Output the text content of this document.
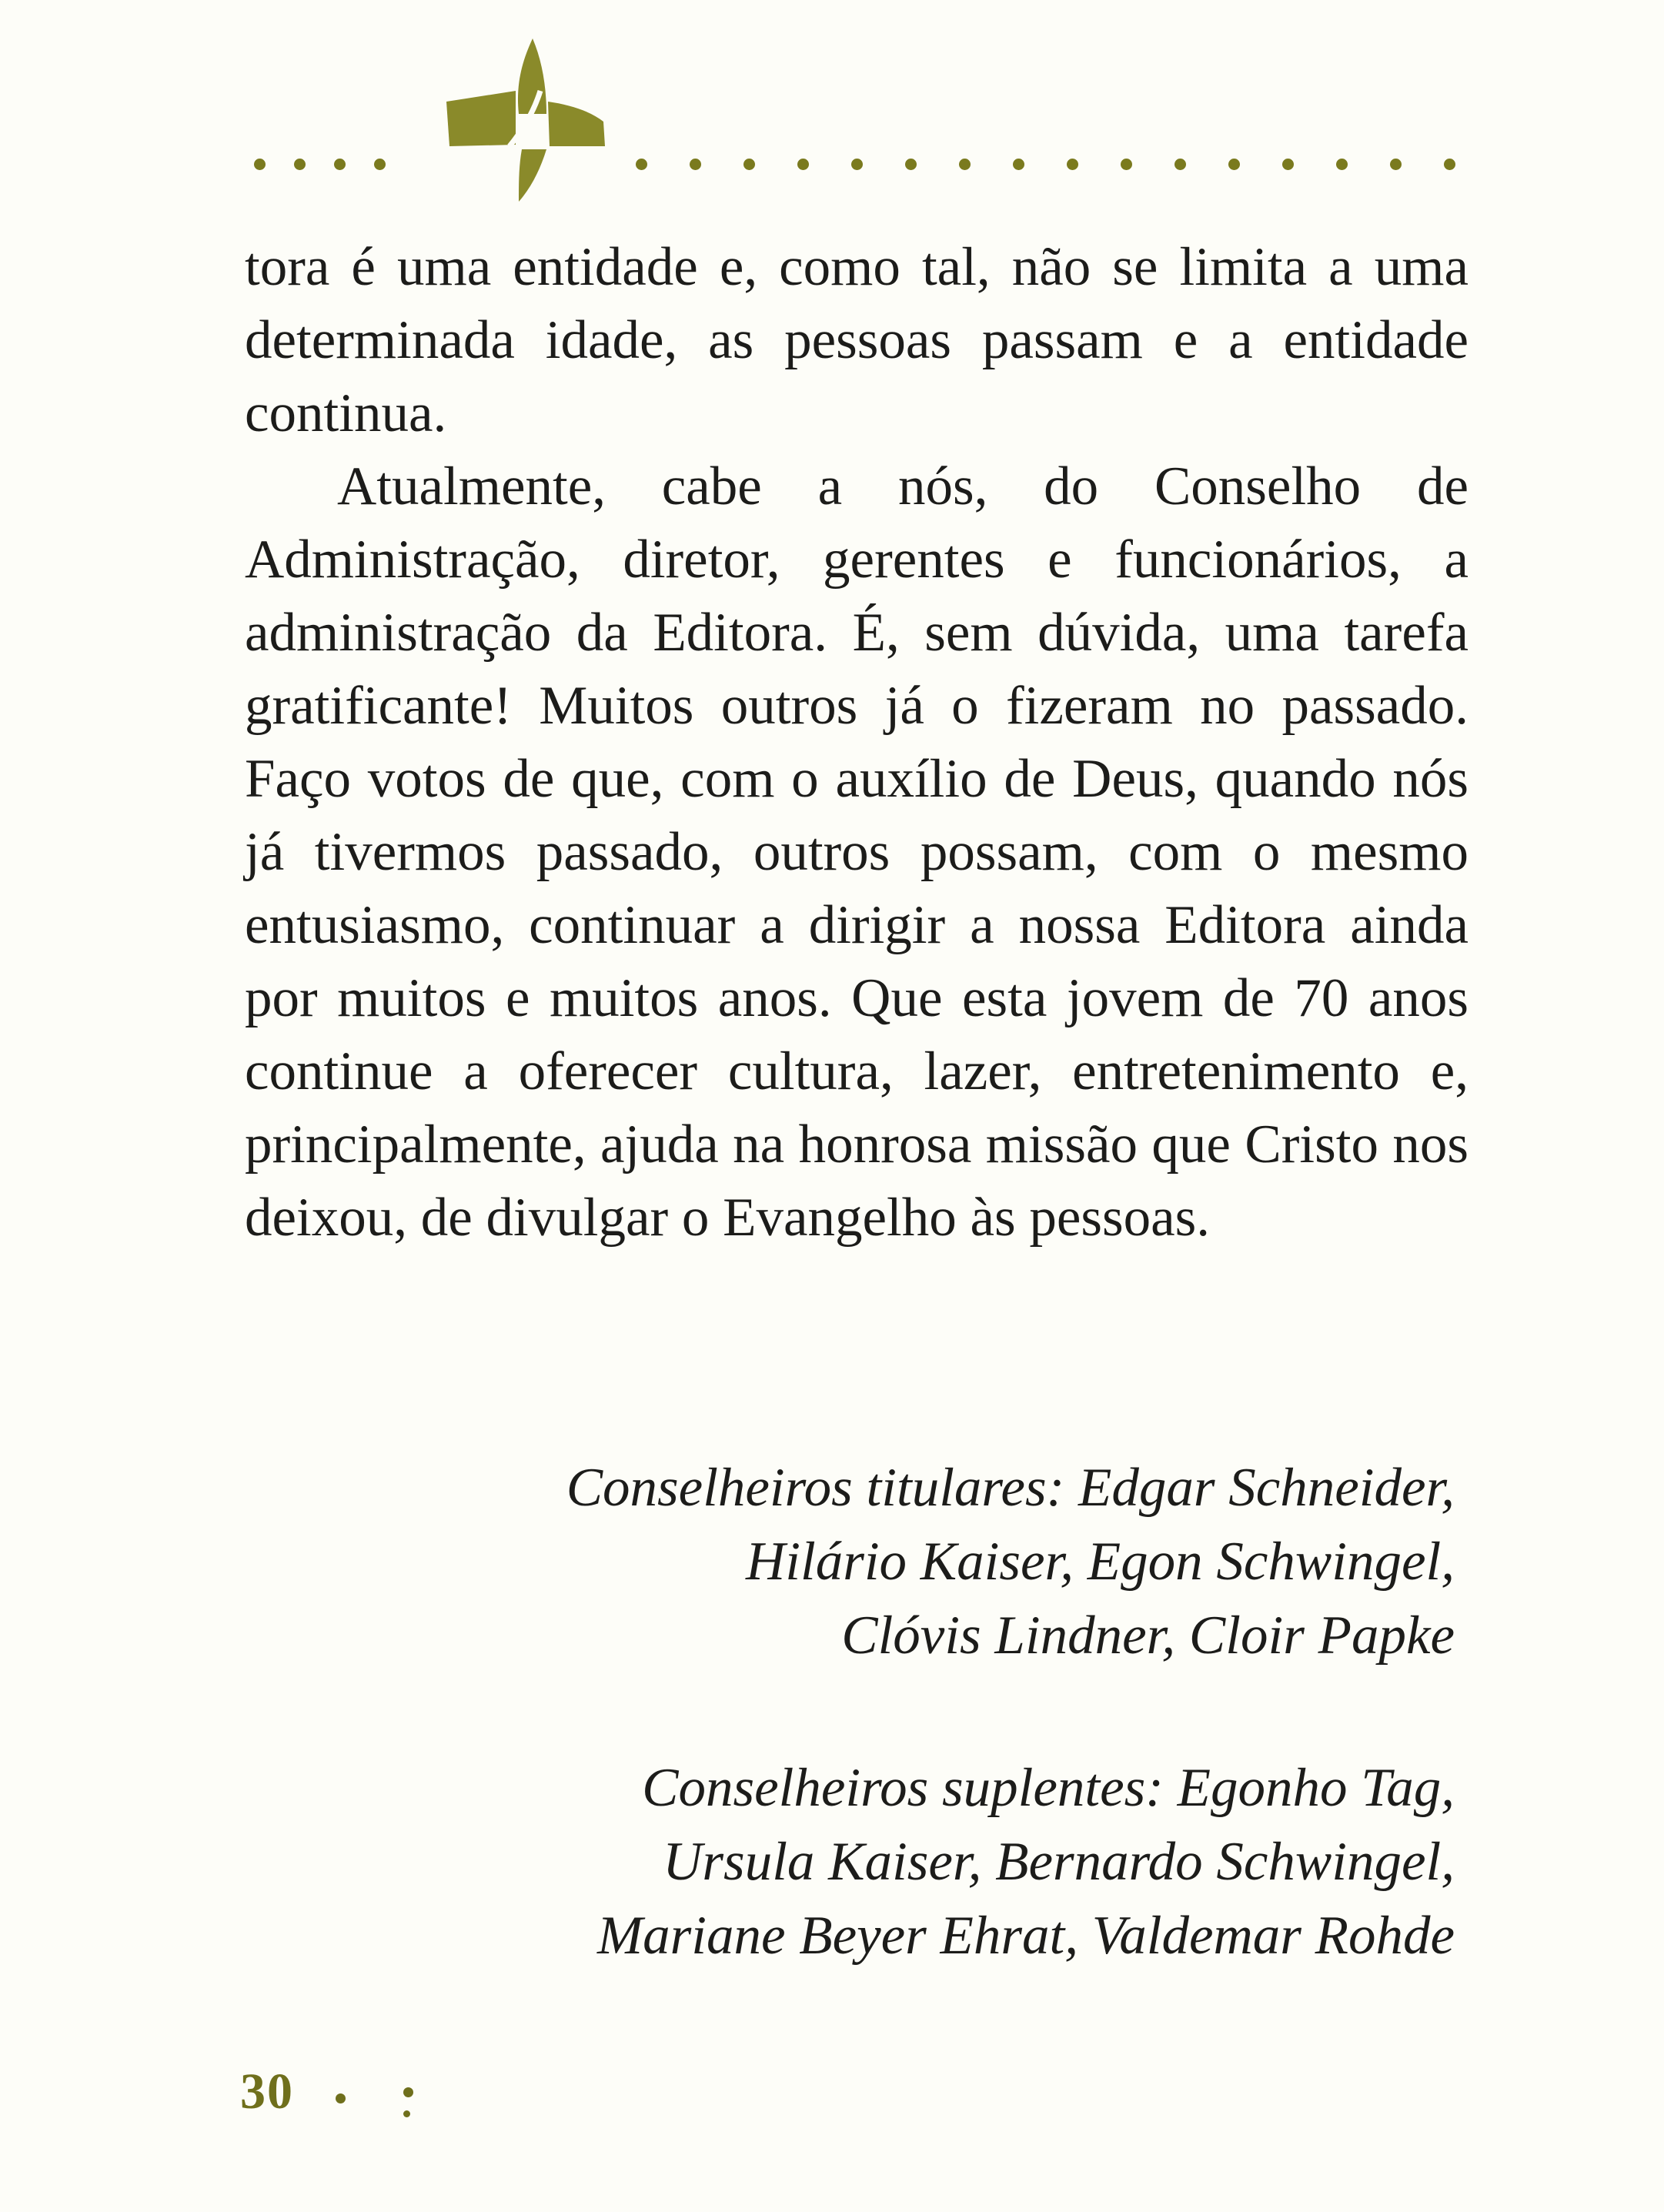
tora é uma entidade e, como tal, não se limita a uma determinada idade, as pessoas passam e a entidade continua.

Atualmente, cabe a nós, do Conselho de Administração, diretor, gerentes e funcionários, a administração da Editora. É, sem dúvida, uma tarefa gratificante! Muitos outros já o fizeram no passado. Faço votos de que, com o auxílio de Deus, quando nós já tivermos passado, outros possam, com o mesmo entusiasmo, continuar a dirigir a nossa Editora ainda por muitos e muitos anos. Que esta jovem de 70 anos continue a oferecer cultura, lazer, entretenimento e, principalmente, ajuda na honrosa missão que Cristo nos deixou, de divulgar o Evangelho às pessoas.

Conselheiros titulares: Edgar Schneider,
Hilário Kaiser, Egon Schwingel,
Clóvis Lindner, Cloir Papke
Conselheiros suplentes: Egonho Tag,
Ursula Kaiser, Bernardo Schwingel,
Mariane Beyer Ehrat, Valdemar Rohde
30
